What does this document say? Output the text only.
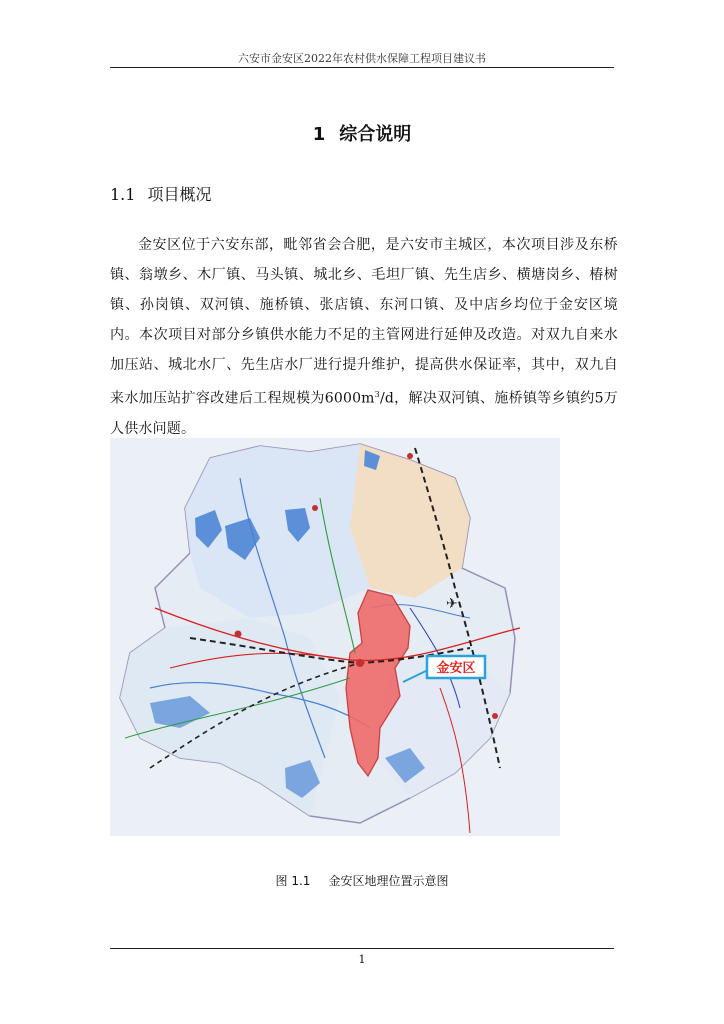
六安市金安区2022年农村供水保障工程项目建议书
1 综合说明
1.1 项目概况
金安区位于六安东部，毗邻省会合肥，是六安市主城区，本次项目涉及东桥镇、翁墩乡、木厂镇、马头镇、城北乡、毛坦厂镇、先生店乡、横塘岗乡、椿树镇、孙岗镇、双河镇、施桥镇、张店镇、东河口镇、及中店乡均位于金安区境内。本次项目对部分乡镇供水能力不足的主管网进行延伸及改造。对双九自来水加压站、城北水厂、先生店水厂进行提升维护，提高供水保证率，其中，双九自来水加压站扩容改建后工程规模为$6000m^3/d$，解决双河镇、施桥镇等乡镇约5万人供水问题。
✈
金安区
图 1.1 金安区地理位置示意图
1
